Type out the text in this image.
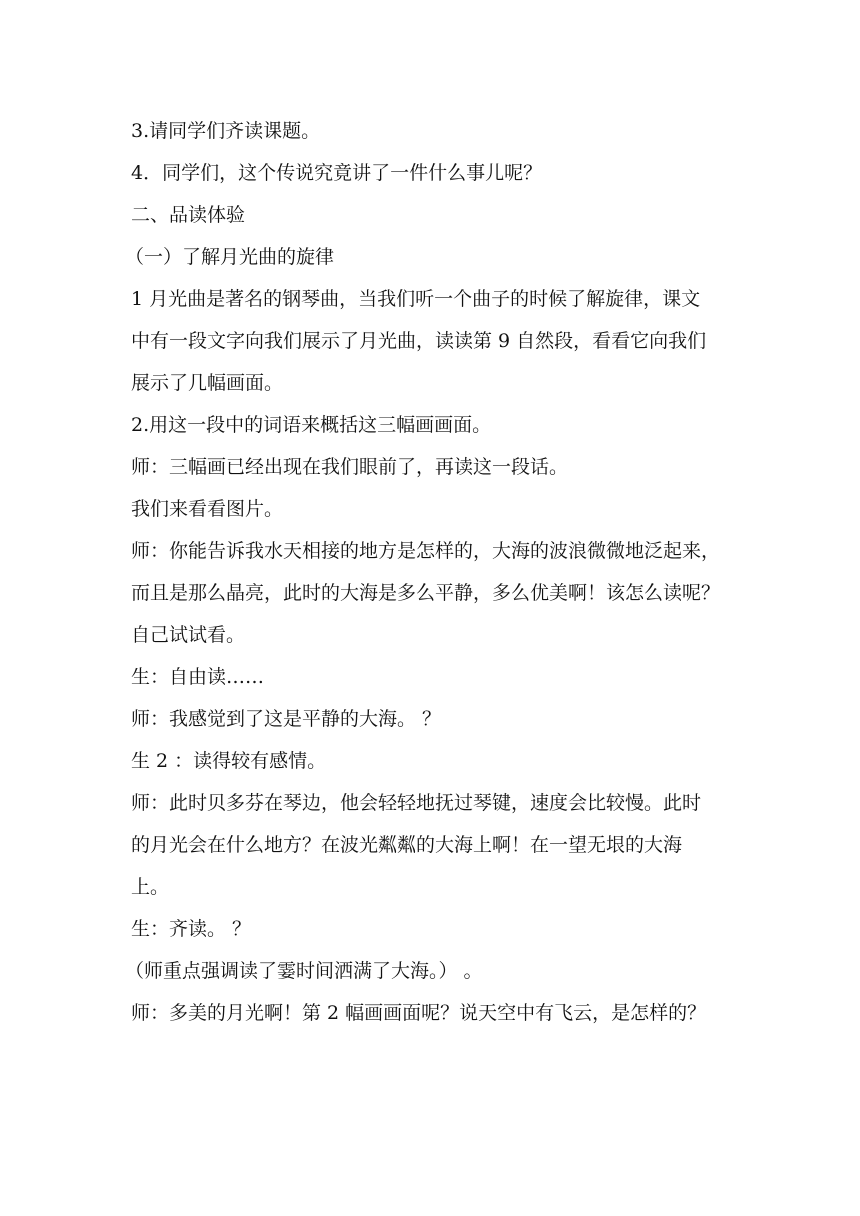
3.请同学们齐读课题。

4．同学们，这个传说究竟讲了一件什么事儿呢？

二、品读体验

（一）了解月光曲的旋律

1 月光曲是著名的钢琴曲，当我们听一个曲子的时候了解旋律，课文

中有一段文字向我们展示了月光曲，读读第 9 自然段，看看它向我们

展示了几幅画面。

2.用这一段中的词语来概括这三幅画画面。

师：三幅画已经出现在我们眼前了，再读这一段话。

我们来看看图片。

师：你能告诉我水天相接的地方是怎样的，大海的波浪微微地泛起来，

而且是那么晶亮，此时的大海是多么平静，多么优美啊！该怎么读呢？

自己试试看。

生：自由读……

师：我感觉到了这是平静的大海。 ？

生 2 ：读得较有感情。

师：此时贝多芬在琴边，他会轻轻地抚过琴键，速度会比较慢。此时

的月光会在什么地方？在波光粼粼的大海上啊！在一望无垠的大海

上。

生：齐读。 ？

（师重点强调读了霎时间洒满了大海。） 。

师：多美的月光啊！第 2 幅画画面呢？说天空中有飞云，是怎样的？
